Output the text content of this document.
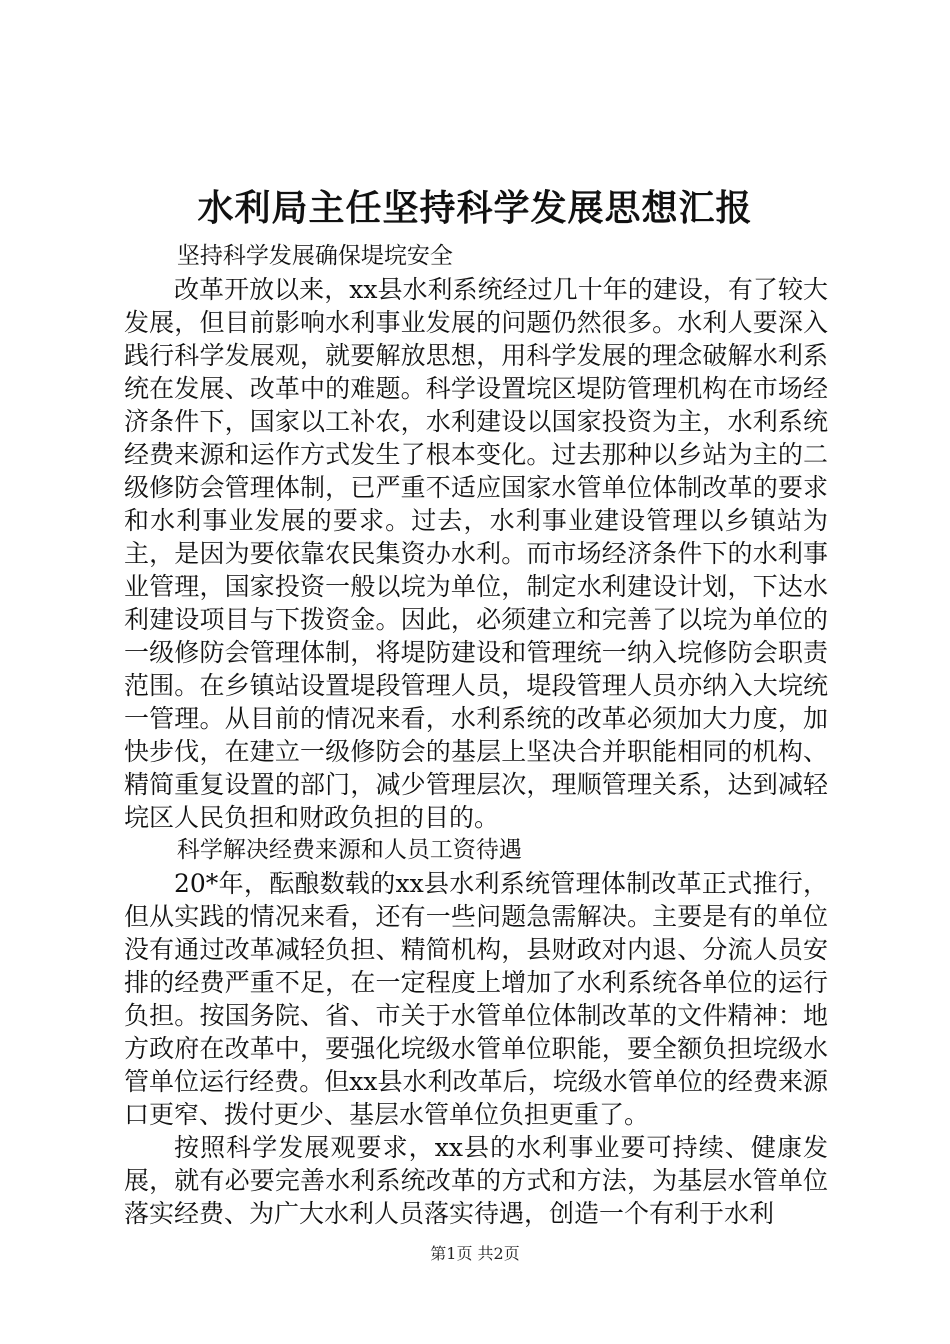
水利局主任坚持科学发展思想汇报

坚持科学发展确保堤垸安全

改革开放以来，xx县水利系统经过几十年的建设，有了较大发展，但目前影响水利事业发展的问题仍然很多。水利人要深入践行科学发展观，就要解放思想，用科学发展的理念破解水利系统在发展、改革中的难题。科学设置垸区堤防管理机构在市场经济条件下，国家以工补农，水利建设以国家投资为主，水利系统经费来源和运作方式发生了根本变化。过去那种以乡站为主的二级修防会管理体制，已严重不适应国家水管单位体制改革的要求和水利事业发展的要求。过去，水利事业建设管理以乡镇站为主，是因为要依靠农民集资办水利。而市场经济条件下的水利事业管理，国家投资一般以垸为单位，制定水利建设计划，下达水利建设项目与下拨资金。因此，必须建立和完善了以垸为单位的一级修防会管理体制，将堤防建设和管理统一纳入垸修防会职责范围。在乡镇站设置堤段管理人员，堤段管理人员亦纳入大垸统一管理。从目前的情况来看，水利系统的改革必须加大力度，加快步伐，在建立一级修防会的基层上坚决合并职能相同的机构、精简重复设置的部门，减少管理层次，理顺管理关系，达到减轻垸区人民负担和财政负担的目的。

科学解决经费来源和人员工资待遇

20*年，酝酿数载的xx县水利系统管理体制改革正式推行，但从实践的情况来看，还有一些问题急需解决。主要是有的单位没有通过改革减轻负担、精简机构，县财政对内退、分流人员安排的经费严重不足，在一定程度上增加了水利系统各单位的运行负担。按国务院、省、市关于水管单位体制改革的文件精神：地方政府在改革中，要强化垸级水管单位职能，要全额负担垸级水管单位运行经费。但xx县水利改革后，垸级水管单位的经费来源口更窄、拨付更少、基层水管单位负担更重了。

按照科学发展观要求，xx县的水利事业要可持续、健康发展，就有必要完善水利系统改革的方式和方法，为基层水管单位落实经费、为广大水利人员落实待遇，创造一个有利于水利

第1页 共2页
